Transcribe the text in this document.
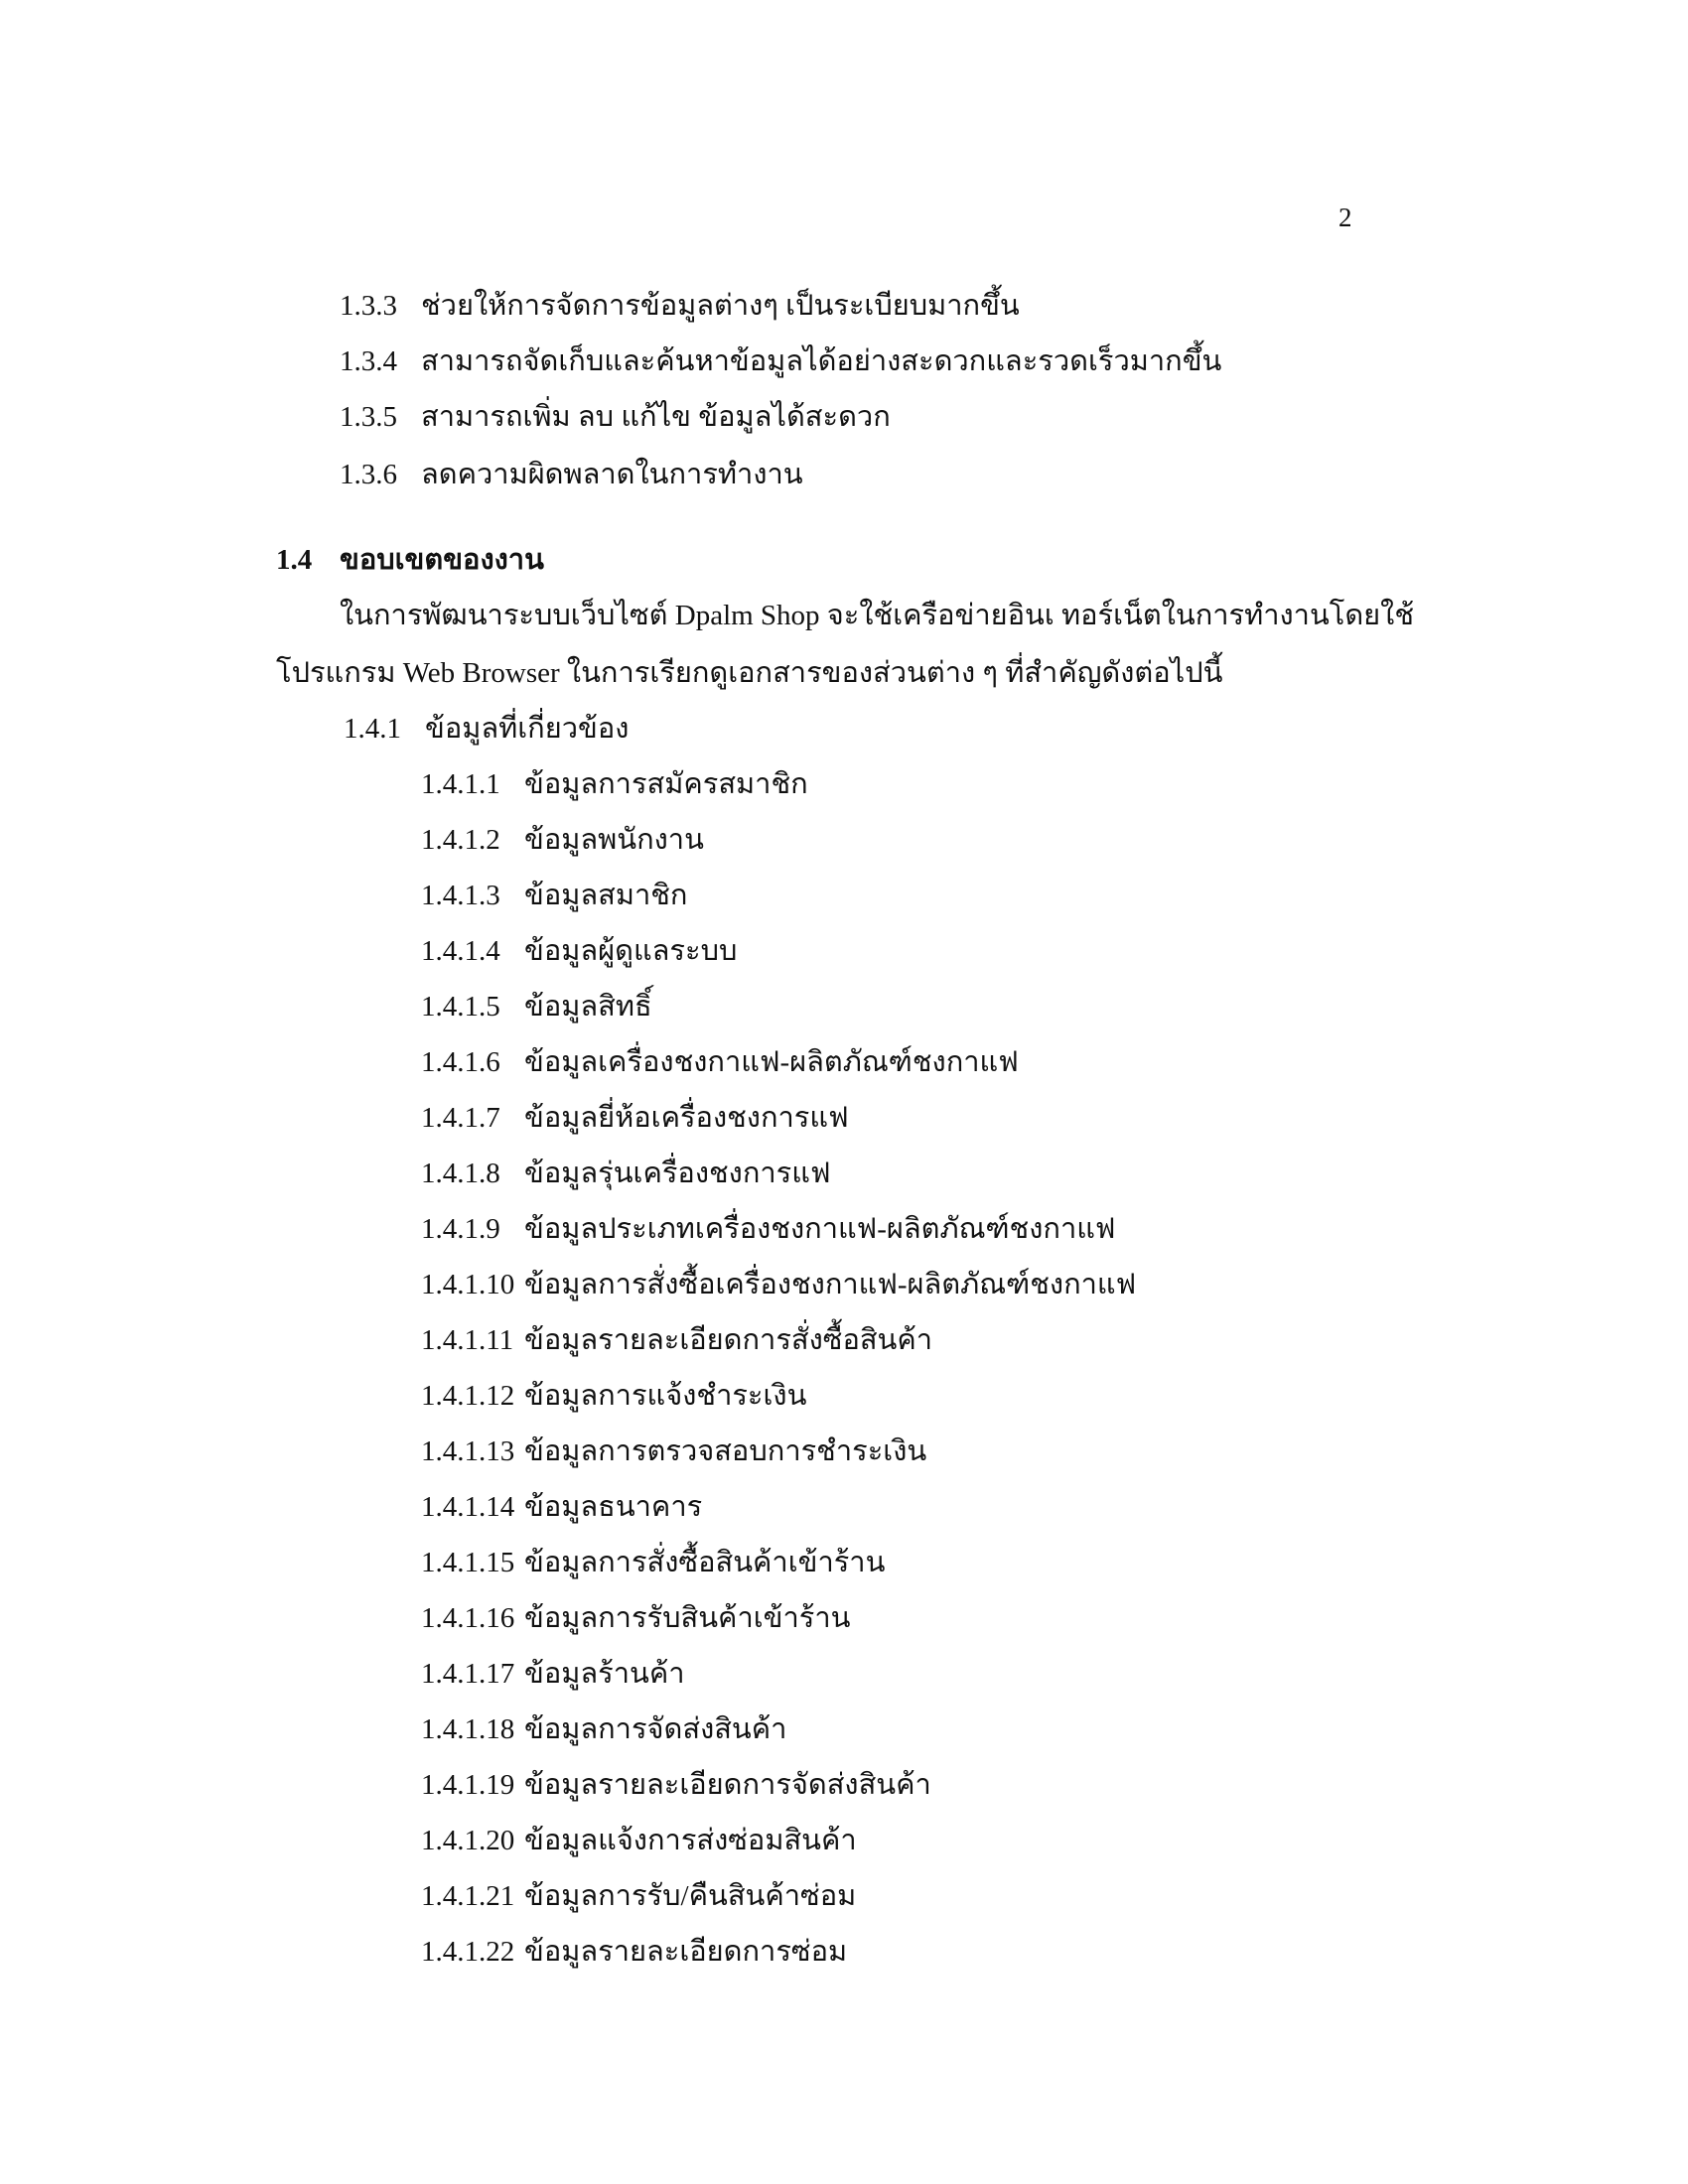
2
1.3.3 ช่วยให้การจัดการข้อมูลต่างๆ เป็นระเบียบมากขึ้น
1.3.4 สามารถจัดเก็บและค้นหาข้อมูลได้อย่างสะดวกและรวดเร็วมากขึ้น
1.3.5 สามารถเพิ่ม ลบ แก้ไข ข้อมูลได้สะดวก
1.3.6 ลดความผิดพลาดในการทำงาน
1.4 ขอบเขตของงาน
ในการพัฒนาระบบเว็บไซต์ Dpalm Shop จะใช้เครือข่ายอินเ ทอร์เน็ตในการทำงานโดยใช้
โปรแกรม Web Browser ในการเรียกดูเอกสารของส่วนต่าง ๆ ที่สำคัญดังต่อไปนี้
1.4.1 ข้อมูลที่เกี่ยวข้อง
1.4.1.1 ข้อมูลการสมัครสมาชิก
1.4.1.2 ข้อมูลพนักงาน
1.4.1.3 ข้อมูลสมาชิก
1.4.1.4 ข้อมูลผู้ดูแลระบบ
1.4.1.5 ข้อมูลสิทธิ์
1.4.1.6 ข้อมูลเครื่องชงกาแฟ-ผลิตภัณฑ์ชงกาแฟ
1.4.1.7 ข้อมูลยี่ห้อเครื่องชงการแฟ
1.4.1.8 ข้อมูลรุ่นเครื่องชงการแฟ
1.4.1.9 ข้อมูลประเภทเครื่องชงกาแฟ-ผลิตภัณฑ์ชงกาแฟ
1.4.1.10 ข้อมูลการสั่งซื้อเครื่องชงกาแฟ-ผลิตภัณฑ์ชงกาแฟ
1.4.1.11 ข้อมูลรายละเอียดการสั่งซื้อสินค้า
1.4.1.12 ข้อมูลการแจ้งชำระเงิน
1.4.1.13 ข้อมูลการตรวจสอบการชำระเงิน
1.4.1.14 ข้อมูลธนาคาร
1.4.1.15 ข้อมูลการสั่งซื้อสินค้าเข้าร้าน
1.4.1.16 ข้อมูลการรับสินค้าเข้าร้าน
1.4.1.17 ข้อมูลร้านค้า
1.4.1.18 ข้อมูลการจัดส่งสินค้า
1.4.1.19 ข้อมูลรายละเอียดการจัดส่งสินค้า
1.4.1.20 ข้อมูลแจ้งการส่งซ่อมสินค้า
1.4.1.21 ข้อมูลการรับ/คืนสินค้าซ่อม
1.4.1.22 ข้อมูลรายละเอียดการซ่อม
